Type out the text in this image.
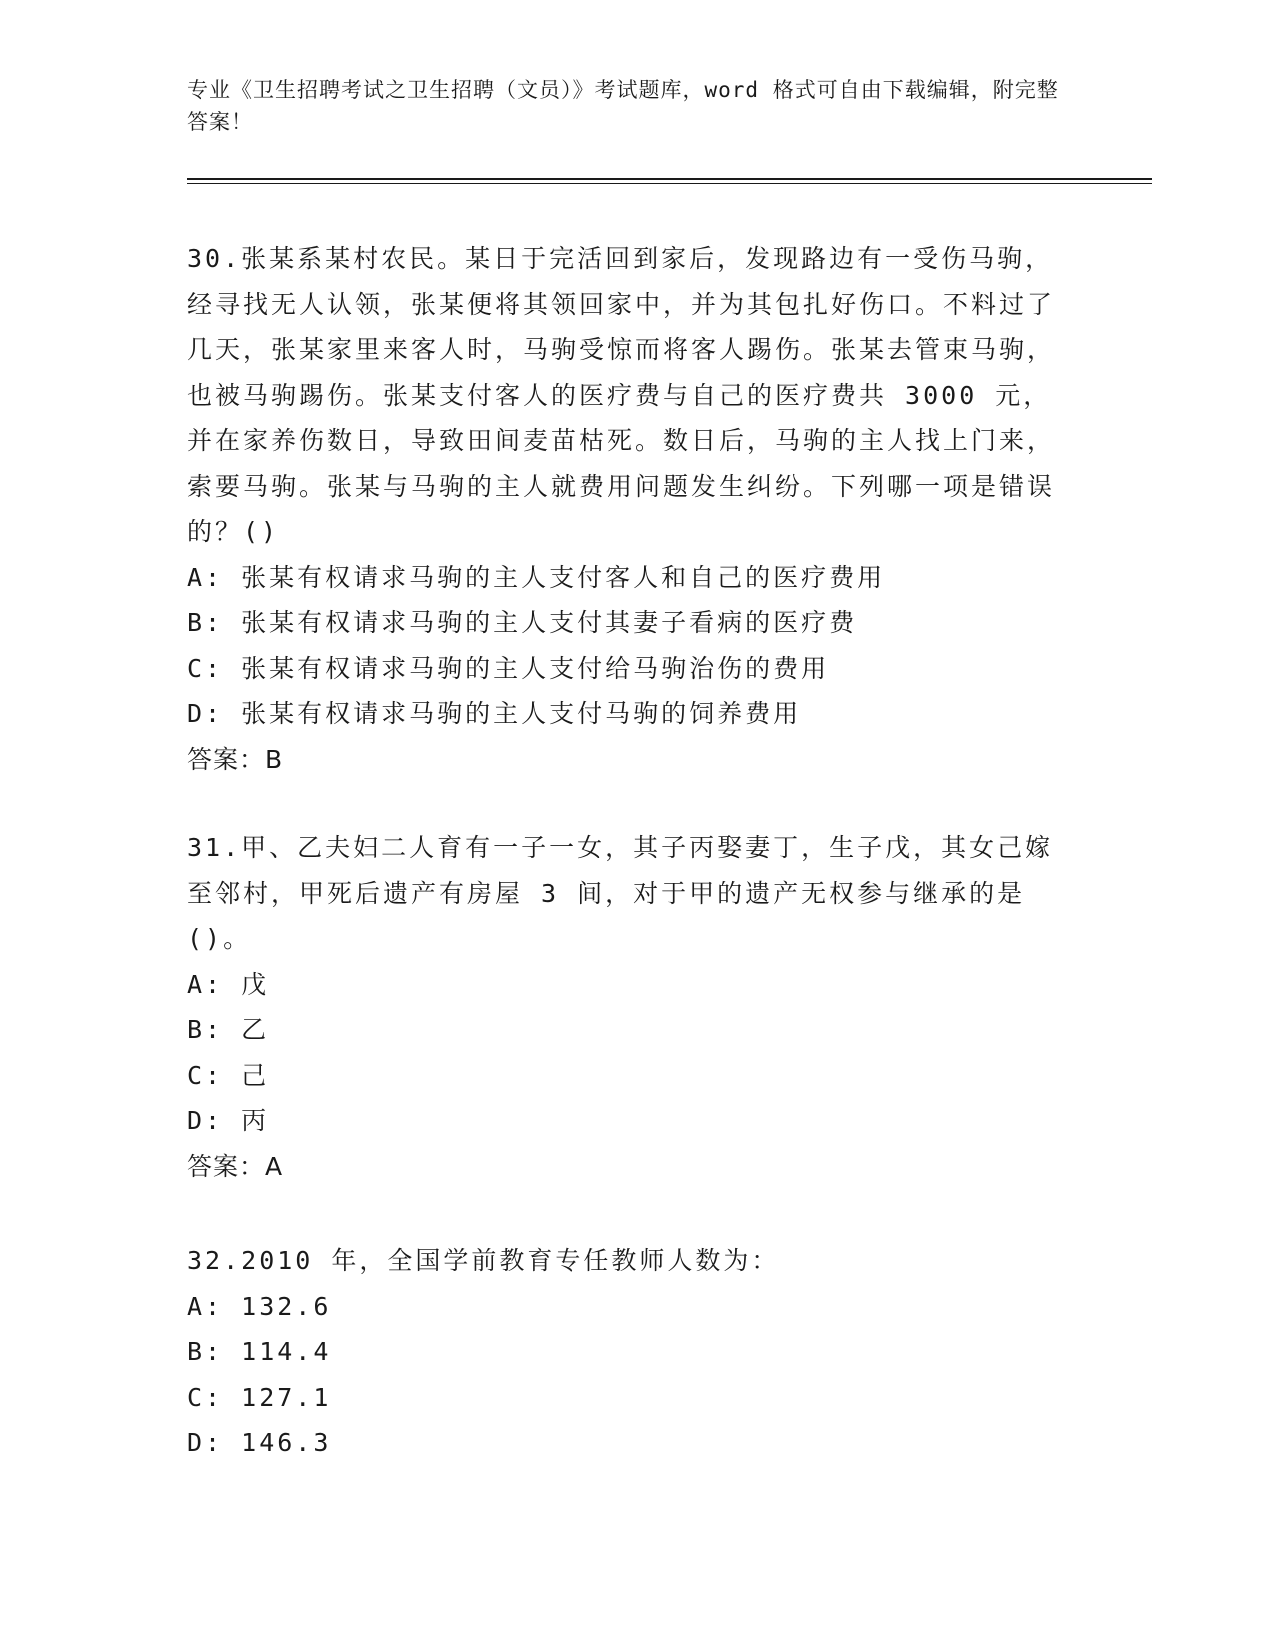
专业《卫生招聘考试之卫生招聘（文员）》考试题库，word 格式可自由下载编辑，附完整答案！

30.张某系某村农民。某日于完活回到家后，发现路边有一受伤马驹，经寻找无人认领，张某便将其领回家中，并为其包扎好伤口。不料过了几天，张某家里来客人时，马驹受惊而将客人踢伤。张某去管束马驹，也被马驹踢伤。张某支付客人的医疗费与自己的医疗费共 3000 元，并在家养伤数日，导致田间麦苗枯死。数日后，马驹的主人找上门来，索要马驹。张某与马驹的主人就费用问题发生纠纷。下列哪一项是错误的？()

A: 张某有权请求马驹的主人支付客人和自己的医疗费用

B: 张某有权请求马驹的主人支付其妻子看病的医疗费

C: 张某有权请求马驹的主人支付给马驹治伤的费用

D: 张某有权请求马驹的主人支付马驹的饲养费用

答案：B

31.甲、乙夫妇二人育有一子一女，其子丙娶妻丁，生子戊，其女己嫁至邻村，甲死后遗产有房屋 3 间，对于甲的遗产无权参与继承的是()。

A: 戊

B: 乙

C: 己

D: 丙

答案：A

32.2010 年，全国学前教育专任教师人数为：

A: 132.6

B: 114.4

C: 127.1

D: 146.3
